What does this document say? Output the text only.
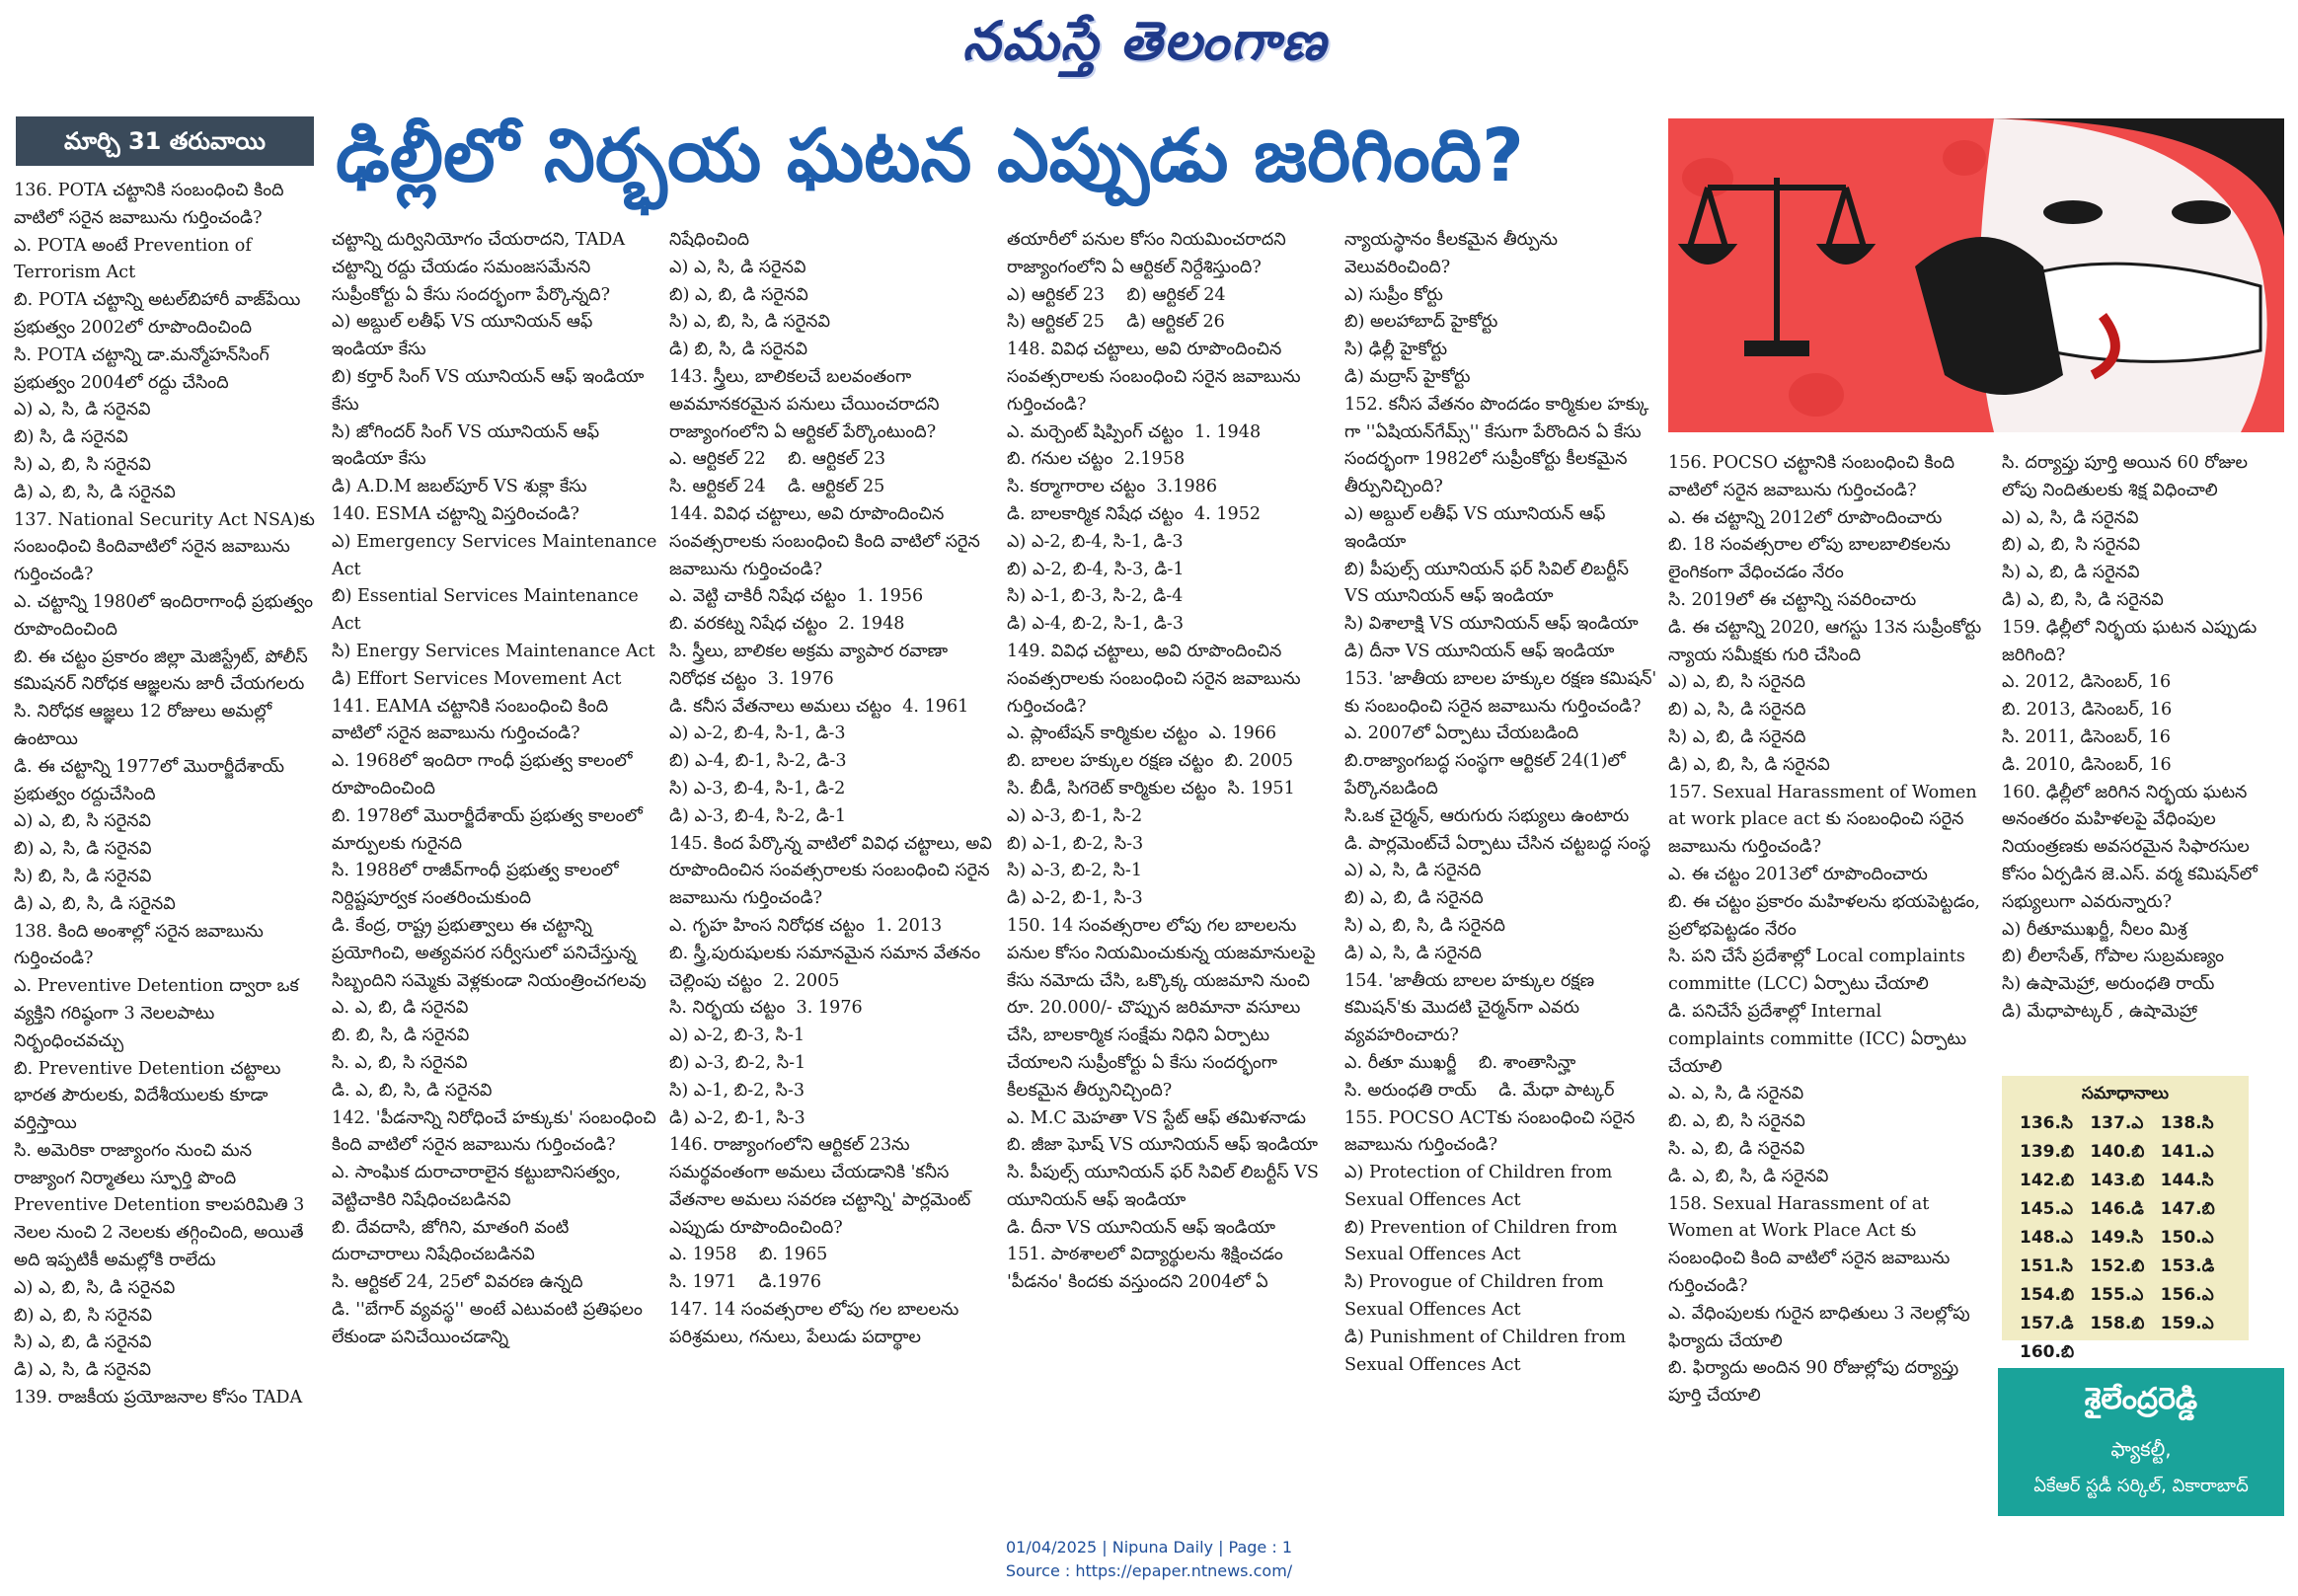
నమస్తే తెలంగాణ
మార్చి 31 తరువాయి ఢిల్లీలో నిర్భయ ఘటన ఎప్పుడు జరిగింది?

136. POTA చట్టానికి సంబంధించి కింది వాటిలో సరైన జవాబును గుర్తించండి?

ఎ. POTA అంటే Prevention of Terrorism Act

బి. POTA చట్టాన్ని అటల్‌బిహారీ వాజ్‌పేయి ప్రభుత్వం 2002లో రూపొందించింది

సి. POTA చట్టాన్ని డా.మన్మోహన్‌సింగ్ ప్రభుత్వం 2004లో రద్దు చేసింది

ఎ) ఎ, సి, డి సరైనవి

బి) సి, డి సరైనవి

సి) ఎ, బి, సి సరైనవి

డి) ఎ, బి, సి, డి సరైనవి

137. National Security Act NSA)కు సంబంధించి కిందివాటిలో సరైన జవాబును గుర్తించండి?

ఎ. చట్టాన్ని 1980లో ఇందిరాగాంధీ ప్రభుత్వం రూపొందించింది

బి. ఈ చట్టం ప్రకారం జిల్లా మెజిస్ట్రేట్, పోలీస్ కమిషనర్ నిరోధక ఆజ్ఞలను జారీ చేయగలరు

సి. నిరోధక ఆజ్ఞలు 12 రోజులు అమల్లో ఉంటాయి

డి. ఈ చట్టాన్ని 1977లో మొరార్జీదేశాయ్ ప్రభుత్వం రద్దుచేసింది

ఎ) ఎ, బి, సి సరైనవి

బి) ఎ, సి, డి సరైనవి

సి) బి, సి, డి సరైనవి

డి) ఎ, బి, సి, డి సరైనవి

138. కింది అంశాల్లో సరైన జవాబును గుర్తించండి?

ఎ. Preventive Detention ద్వారా ఒక వ్యక్తిని గరిష్ఠంగా 3 నెలలపాటు నిర్బంధించవచ్చు

బి. Preventive Detention చట్టాలు భారత పౌరులకు, విదేశీయులకు కూడా వర్తిస్తాయి

సి. అమెరికా రాజ్యాంగం నుంచి మన రాజ్యాంగ నిర్మాతలు స్ఫూర్తి పొంది Preventive Detention కాలపరిమితి 3 నెలల నుంచి 2 నెలలకు తగ్గించింది, అయితే అది ఇప్పటికీ అమల్లోకి రాలేదు

ఎ) ఎ, బి, సి, డి సరైనవి

బి) ఎ, బి, సి సరైనవి

సి) ఎ, బి, డి సరైనవి

డి) ఎ, సి, డి సరైనవి

139. రాజకీయ ప్రయోజనాల కోసం TADA

చట్టాన్ని దుర్వినియోగం చేయరాదని, TADA చట్టాన్ని రద్దు చేయడం సమంజసమేనని సుప్రీంకోర్టు ఏ కేసు సందర్భంగా పేర్కొన్నది?

ఎ) అబ్దుల్ లతీఫ్ VS యూనియన్ ఆఫ్ ఇండియా కేసు

బి) కర్తార్ సింగ్ VS యూనియన్ ఆఫ్ ఇండియా కేసు

సి) జోగిందర్ సింగ్ VS యూనియన్ ఆఫ్ ఇండియా కేసు

డి) A.D.M జబల్‌పూర్ VS శుక్లా కేసు

140. ESMA చట్టాన్ని విస్తరించండి?

ఎ) Emergency Services Maintenance Act

బి) Essential Services Maintenance Act

సి) Energy Services Maintenance Act

డి) Effort Services Movement Act

141. EAMA చట్టానికి సంబంధించి కింది వాటిలో సరైన జవాబును గుర్తించండి?

ఎ. 1968లో ఇందిరా గాంధీ ప్రభుత్వ కాలంలో రూపొందించింది

బి. 1978లో మొరార్జీదేశాయ్ ప్రభుత్వ కాలంలో మార్పులకు గురైనది

సి. 1988లో రాజీవ్‌గాంధీ ప్రభుత్వ కాలంలో నిర్దిష్టపూర్వక సంతరించుకుంది

డి. కేంద్ర, రాష్ట్ర ప్రభుత్వాలు ఈ చట్టాన్ని ప్రయోగించి, అత్యవసర సర్వీసులో పనిచేస్తున్న సిబ్బందిని సమ్మెకు వెళ్లకుండా నియంత్రించగలవు

ఎ. ఎ, బి, డి సరైనవి

బి. బి, సి, డి సరైనవి

సి. ఎ, బి, సి సరైనవి

డి. ఎ, బి, సి, డి సరైనవి

142. 'పీడనాన్ని నిరోధించే హక్కుకు' సంబంధించి కింది వాటిలో సరైన జవాబును గుర్తించండి?

ఎ. సాంఘిక దురాచారాలైన కట్టుబానిసత్వం, వెట్టిచాకిరి నిషేధించబడినవి

బి. దేవదాసి, జోగిని, మాతంగి వంటి దురాచారాలు నిషేధించబడినవి

సి. ఆర్టికల్ 24, 25లో వివరణ ఉన్నది

డి. ''బేగార్ వ్యవస్థ'' అంటే ఎటువంటి ప్రతిఫలం లేకుండా పనిచేయించడాన్ని

నిషేధించింది

ఎ) ఎ, సి, డి సరైనవి

బి) ఎ, బి, డి సరైనవి

సి) ఎ, బి, సి, డి సరైనవి

డి) బి, సి, డి సరైనవి

143. స్త్రీలు, బాలికలచే బలవంతంగా అవమానకరమైన పనులు చేయించరాదని రాజ్యాంగంలోని ఏ ఆర్టికల్ పేర్కొంటుంది?

ఎ. ఆర్టికల్ 22    బి. ఆర్టికల్ 23

సి. ఆర్టికల్ 24    డి. ఆర్టికల్ 25

144. వివిధ చట్టాలు, అవి రూపొందించిన సంవత్సరాలకు సంబంధించి కింది వాటిలో సరైన జవాబును గుర్తించండి?

ఎ. వెట్టి చాకిరీ నిషేధ చట్టం  1. 1956

బి. వరకట్న నిషేధ చట్టం  2. 1948

సి. స్త్రీలు, బాలికల అక్రమ వ్యాపార రవాణా నిరోధక చట్టం  3. 1976

డి. కనీస వేతనాలు అమలు చట్టం  4. 1961

ఎ) ఎ-2, బి-4, సి-1, డి-3

బి) ఎ-4, బి-1, సి-2, డి-3

సి) ఎ-3, బి-4, సి-1, డి-2

డి) ఎ-3, బి-4, సి-2, డి-1

145. కింద పేర్కొన్న వాటిలో వివిధ చట్టాలు, అవి రూపొందించిన సంవత్సరాలకు సంబంధించి సరైన జవాబును గుర్తించండి?

ఎ. గృహ హింస నిరోధక చట్టం  1. 2013

బి. స్త్రీ,పురుషులకు సమానమైన సమాన వేతనం చెల్లింపు చట్టం  2. 2005

సి. నిర్భయ చట్టం  3. 1976

ఎ) ఎ-2, బి-3, సి-1

బి) ఎ-3, బి-2, సి-1

సి) ఎ-1, బి-2, సి-3

డి) ఎ-2, బి-1, సి-3

146. రాజ్యాంగంలోని ఆర్టికల్ 23ను సమర్థవంతంగా అమలు చేయడానికి 'కనీస వేతనాల అమలు సవరణ చట్టాన్ని' పార్లమెంట్ ఎప్పుడు రూపొందించింది?

ఎ. 1958    బి. 1965

సి. 1971    డి.1976

147. 14 సంవత్సరాల లోపు గల బాలలను పరిశ్రమలు, గనులు, పేలుడు పదార్థాల

తయారీలో పనుల కోసం నియమించరాదని రాజ్యాంగంలోని ఏ ఆర్టికల్ నిర్దేశిస్తుంది?

ఎ) ఆర్టికల్ 23    బి) ఆర్టికల్ 24

సి) ఆర్టికల్ 25    డి) ఆర్టికల్ 26

148. వివిధ చట్టాలు, అవి రూపొందించిన సంవత్సరాలకు సంబంధించి సరైన జవాబును గుర్తించండి?

ఎ. మర్చెంట్ షిప్పింగ్ చట్టం  1. 1948

బి. గనుల చట్టం  2.1958

సి. కర్మాగారాల చట్టం  3.1986

డి. బాలకార్మిక నిషేధ చట్టం  4. 1952

ఎ) ఎ-2, బి-4, సి-1, డి-3

బి) ఎ-2, బి-4, సి-3, డి-1

సి) ఎ-1, బి-3, సి-2, డి-4

డి) ఎ-4, బి-2, సి-1, డి-3

149. వివిధ చట్టాలు, అవి రూపొందించిన సంవత్సరాలకు సంబంధించి సరైన జవాబును గుర్తించండి?

ఎ. ప్లాంటేషన్ కార్మికుల చట్టం  ఎ. 1966

బి. బాలల హక్కుల రక్షణ చట్టం  బి. 2005

సి. బీడీ, సిగరెట్ కార్మికుల చట్టం  సి. 1951

ఎ) ఎ-3, బి-1, సి-2

బి) ఎ-1, బి-2, సి-3

సి) ఎ-3, బి-2, సి-1

డి) ఎ-2, బి-1, సి-3

150. 14 సంవత్సరాల లోపు గల బాలలను పనుల కోసం నియమించుకున్న యజమానులపై కేసు నమోదు చేసి, ఒక్కొక్క యజమాని నుంచి రూ. 20.000/- చొప్పున జరిమానా వసూలు చేసి, బాలకార్మిక సంక్షేమ నిధిని ఏర్పాటు చేయాలని సుప్రీంకోర్టు ఏ కేసు సందర్భంగా కీలకమైన తీర్పునిచ్చింది?

ఎ. M.C మెహతా VS స్టేట్ ఆఫ్ తమిళనాడు

బి. జీజా ఘోష్ VS యూనియన్ ఆఫ్ ఇండియా

సి. పీపుల్స్ యూనియన్ ఫర్ సివిల్ లిబర్టీస్ VS యూనియన్ ఆఫ్ ఇండియా

డి. దీనా VS యూనియన్ ఆఫ్ ఇండియా

151. పాఠశాలలో విద్యార్థులను శిక్షించడం 'పీడనం' కిందకు వస్తుందని 2004లో ఏ

న్యాయస్థానం కీలకమైన తీర్పును వెలువరించింది?

ఎ) సుప్రీం కోర్టు

బి) అలహాబాద్ హైకోర్టు

సి) ఢిల్లీ హైకోర్టు

డి) మద్రాస్ హైకోర్టు

152. కనీస వేతనం పొందడం కార్మికుల హక్కు గా ''ఏషియన్‌గేమ్స్'' కేసుగా పేరొందిన ఏ కేసు సందర్భంగా 1982లో సుప్రీంకోర్టు కీలకమైన తీర్పునిచ్చింది?

ఎ) అబ్దుల్ లతీఫ్ VS యూనియన్ ఆఫ్ ఇండియా

బి) పీపుల్స్ యూనియన్ ఫర్ సివిల్ లిబర్టీస్ VS యూనియన్ ఆఫ్ ఇండియా

సి) విశాలాక్షి VS యూనియన్ ఆఫ్ ఇండియా

డి) దీనా VS యూనియన్ ఆఫ్ ఇండియా

153. 'జాతీయ బాలల హక్కుల రక్షణ కమిషన్' కు సంబంధించి సరైన జవాబును గుర్తించండి?

ఎ. 2007లో ఏర్పాటు చేయబడింది

బి.రాజ్యాంగబద్ధ సంస్థగా ఆర్టికల్ 24(1)లో పేర్కొనబడింది

సి.ఒక చైర్మన్, ఆరుగురు సభ్యులు ఉంటారు

డి. పార్లమెంట్‌చే ఏర్పాటు చేసిన చట్టబద్ధ సంస్థ

ఎ) ఎ, సి, డి సరైనది

బి) ఎ, బి, డి సరైనది

సి) ఎ, బి, సి, డి సరైనది

డి) ఎ, సి, డి సరైనది

154. 'జాతీయ బాలల హక్కుల రక్షణ కమిషన్'కు మొదటి చైర్మన్‌గా ఎవరు వ్యవహరించారు?

ఎ. రీతూ ముఖర్జీ    బి. శాంతాసిన్హా

సి. అరుంధతి రాయ్    డి. మేధా పాట్కర్

155. POCSO ACTకు సంబంధించి సరైన జవాబును గుర్తించండి?

ఎ) Protection of Children from Sexual Offences Act

బి) Prevention of Children from Sexual Offences Act

సి) Provogue of Children from Sexual Offences Act

డి) Punishment of Children from Sexual Offences Act

156. POCSO చట్టానికి సంబంధించి కింది వాటిలో సరైన జవాబును గుర్తించండి?

ఎ. ఈ చట్టాన్ని 2012లో రూపొందించారు

బి. 18 సంవత్సరాల లోపు బాలబాలికలను లైంగికంగా వేధించడం నేరం

సి. 2019లో ఈ చట్టాన్ని సవరించారు

డి. ఈ చట్టాన్ని 2020, ఆగస్టు 13న సుప్రీంకోర్టు న్యాయ సమీక్షకు గురి చేసింది

ఎ) ఎ, బి, సి సరైనది

బి) ఎ, సి, డి సరైనది

సి) ఎ, బి, డి సరైనది

డి) ఎ, బి, సి, డి సరైనవి

157. Sexual Harassment of Women at work place act కు సంబంధించి సరైన జవాబును గుర్తించండి?

ఎ. ఈ చట్టం 2013లో రూపొందించారు

బి. ఈ చట్టం ప్రకారం మహిళలను భయపెట్టడం, ప్రలోభపెట్టడం నేరం

సి. పని చేసే ప్రదేశాల్లో Local complaints committe (LCC) ఏర్పాటు చేయాలి

డి. పనిచేసే ప్రదేశాల్లో Internal complaints committe (ICC) ఏర్పాటు చేయాలి

ఎ. ఎ, సి, డి సరైనవి

బి. ఎ, బి, సి సరైనవి

సి. ఎ, బి, డి సరైనవి

డి. ఎ, బి, సి, డి సరైనవి

158. Sexual Harassment of at Women at Work Place Act కు సంబంధించి కింది వాటిలో సరైన జవాబును గుర్తించండి?

ఎ. వేధింపులకు గురైన బాధితులు 3 నెలల్లోపు ఫిర్యాదు చేయాలి

బి. ఫిర్యాదు అందిన 90 రోజుల్లోపు దర్యాప్తు పూర్తి చేయాలి

సి. దర్యాప్తు పూర్తి అయిన 60 రోజుల లోపు నిందితులకు శిక్ష విధించాలి

ఎ) ఎ, సి, డి సరైనవి

బి) ఎ, బి, సి సరైనవి

సి) ఎ, బి, డి సరైనవి

డి) ఎ, బి, సి, డి సరైనవి

159. ఢిల్లీలో నిర్భయ ఘటన ఎప్పుడు జరిగింది?

ఎ. 2012, డిసెంబర్, 16

బి. 2013, డిసెంబర్, 16

సి. 2011, డిసెంబర్, 16

డి. 2010, డిసెంబర్, 16

160. ఢిల్లీలో జరిగిన నిర్భయ ఘటన అనంతరం మహిళలపై వేధింపుల నియంత్రణకు అవసరమైన సిఫారసుల కోసం ఏర్పడిన జె.ఎస్. వర్మ కమిషన్‌లో సభ్యులుగా ఎవరున్నారు?

ఎ) రీతూముఖర్జీ, నీలం మిశ్ర

బి) లీలాసేత్, గోపాల సుబ్రమణ్యం

సి) ఉషామెహ్రా, అరుంధతి రాయ్

డి) మేధాపాట్కర్ , ఉషామెహ్రా

సమాధానాలు
136.సి	137.ఎ	138.సి
139.బి 140.బి 141.ఎ
142.బి 143.బి 144.సి
145.ఎ	146.డి 147.బి
148.ఎ	149.సి	150.ఎ
151.సి	152.బి 153.డి
154.బి 155.ఎ	156.ఎ
157.డి 158.బి 159.ఎ
160.బి
శైలేంద్రరెడ్డి
ఫ్యాకల్టీ,
ఏకేఆర్ స్టడీ సర్కిల్, వికారాబాద్
01/04/2025 | Nipuna Daily | Page : 1
Source : https://epaper.ntnews.com/
